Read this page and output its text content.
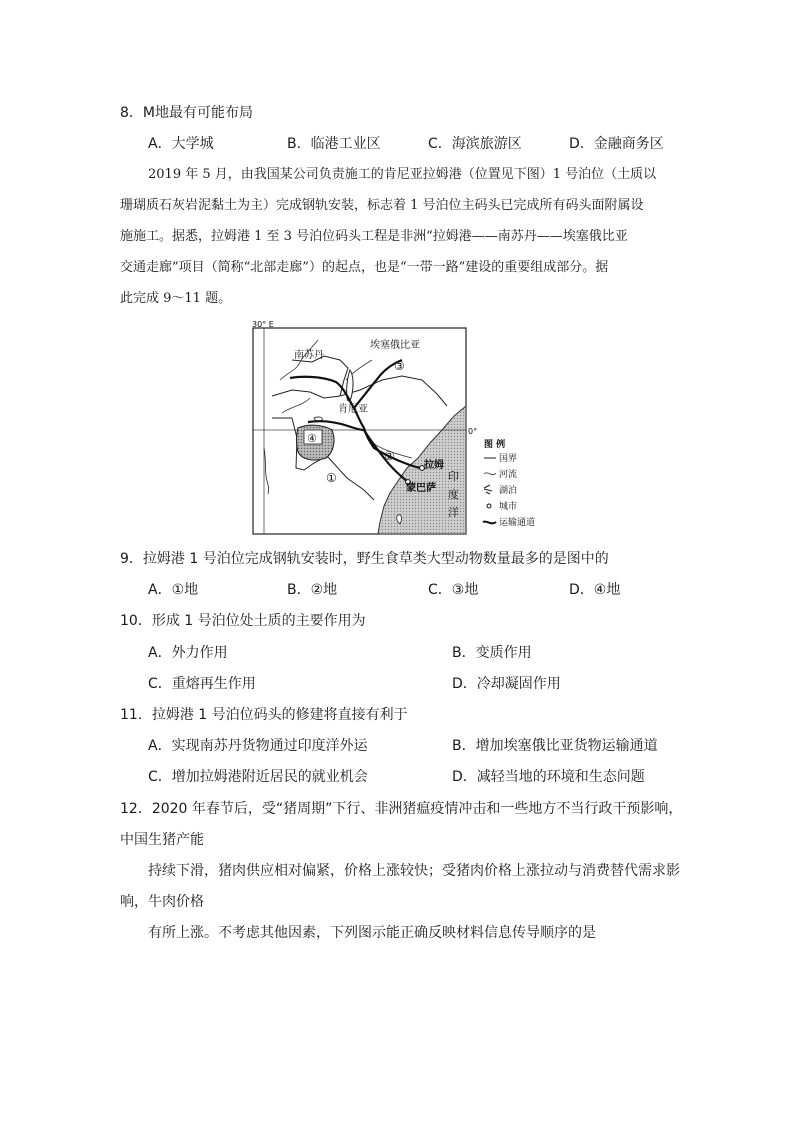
8．M地最有可能布局
A．大学城	B．临港工业区	C．海滨旅游区	D．金融商务区
2019 年 5 月，由我国某公司负责施工的肯尼亚拉姆港（位置见下图）1 号泊位（土质以
珊瑚质石灰岩泥黏土为主）完成钢轨安装，标志着 1 号泊位主码头已完成所有码头面附属设
施施工。据悉，拉姆港 1 至 3 号泊位码头工程是非洲“拉姆港——南苏丹——埃塞俄比亚
交通走廊”项目（简称“北部走廊”）的起点，也是“一带一路”建设的重要组成部分。据
此完成 9～11 题。
30° E
0°
南苏丹
埃塞俄比亚
肯尼亚
拉姆
蒙巴萨
印
度
洋
①
②
③
④	图 例
国界
河流
湖泊
城市
运输通道
9．拉姆港 1 号泊位完成钢轨安装时，野生食草类大型动物数量最多的是图中的
A．①地	B．②地	C．③地	D．④地
10．形成 1 号泊位处土质的主要作用为
A．外力作用	B．变质作用
C．重熔再生作用	D．冷却凝固作用
11．拉姆港 1 号泊位码头的修建将直接有利于
A．实现南苏丹货物通过印度洋外运	B．增加埃塞俄比亚货物运输通道
C．增加拉姆港附近居民的就业机会	D．减轻当地的环境和生态问题
12．2020 年春节后，受“猪周期”下行、非洲猪瘟疫情冲击和一些地方不当行政干预影响，
中国生猪产能
持续下滑，猪肉供应相对偏紧，价格上涨较快；受猪肉价格上涨拉动与消费替代需求影
响，牛肉价格
有所上涨。不考虑其他因素，下列图示能正确反映材料信息传导顺序的是
